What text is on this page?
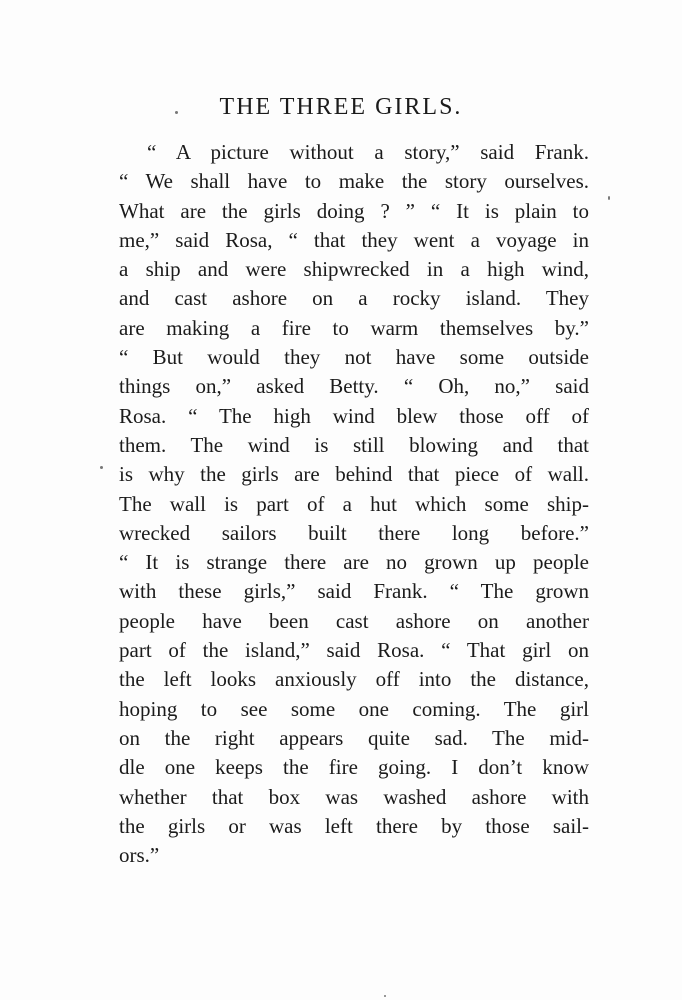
THE THREE GIRLS.
“ A picture without a story,” said Frank.
“ We shall have to make the story ourselves.
What are the girls doing ? ” “ It is plain to
me,” said Rosa, “ that they went a voyage in
a ship and were shipwrecked in a high wind,
and cast ashore on a rocky island. They
are making a fire to warm themselves by.”
“ But would they not have some outside
things on,” asked Betty. “ Oh, no,” said
Rosa. “ The high wind blew those off of
them. The wind is still blowing and that
is why the girls are behind that piece of wall.
The wall is part of a hut which some ship-
wrecked sailors built there long before.”
“ It is strange there are no grown up people
with these girls,” said Frank. “ The grown
people have been cast ashore on another
part of the island,” said Rosa. “ That girl on
the left looks anxiously off into the distance,
hoping to see some one coming. The girl
on the right appears quite sad. The mid-
dle one keeps the fire going. I don’t know
whether that box was washed ashore with
the girls or was left there by those sail-
ors.”
